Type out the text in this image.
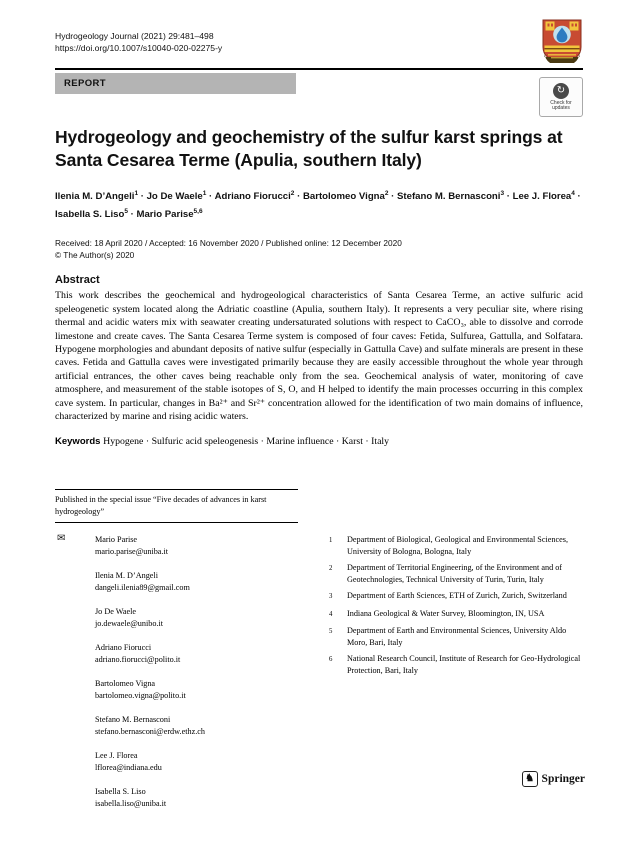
Hydrogeology Journal (2021) 29:481–498
https://doi.org/10.1007/s10040-020-02275-y
REPORT
↻
Check for
updates
Hydrogeology and geochemistry of the sulfur karst springs at Santa Cesarea Terme (Apulia, southern Italy)
Ilenia M. D’Angeli$^1$ · Jo De Waele$^1$ · Adriano Fiorucci$^2$ · Bartolomeo Vigna$^2$ · Stefano M. Bernasconi$^3$ · Lee J. Florea$^4$ · Isabella S. Liso$^5$ · Mario Parise$^{5,6}$
Received: 18 April 2020 / Accepted: 16 November 2020 / Published online: 12 December 2020
© The Author(s) 2020
Abstract
This work describes the geochemical and hydrogeological characteristics of Santa Cesarea Terme, an active sulfuric acid speleogenetic system located along the Adriatic coastline (Apulia, southern Italy). It represents a very peculiar site, where rising thermal and acidic waters mix with seawater creating undersaturated solutions with respect to CaCO₃, able to dissolve and corrode limestone and create caves. The Santa Cesarea Terme system is composed of four caves: Fetida, Sulfurea, Gattulla, and Solfatara. Hypogene morphologies and abundant deposits of native sulfur (especially in Gattulla Cave) and sulfate minerals are present in these caves. Fetida and Gattulla caves were investigated primarily because they are easily accessible throughout the whole year through artificial entrances, the other caves being reachable only from the sea. Geochemical analysis of water, monitoring of cave atmosphere, and measurement of the stable isotopes of S, O, and H helped to identify the main processes occurring in this complex cave system. In particular, changes in Ba²⁺ and Sr²⁺ concentration allowed for the identification of two main domains of influence, characterized by marine and rising acidic waters.
Keywords Hypogene · Sulfuric acid speleogenesis · Marine influence · Karst · Italy
Published in the special issue “Five decades of advances in karst hydrogeology”
✉	Mario Parise
mario.parise@uniba.it
Ilenia M. D’Angeli
dangeli.ilenia89@gmail.com
Jo De Waele
jo.dewaele@unibo.it
Adriano Fiorucci
adriano.fiorucci@polito.it
Bartolomeo Vigna
bartolomeo.vigna@polito.it
Stefano M. Bernasconi
stefano.bernasconi@erdw.ethz.ch
Lee J. Florea
lflorea@indiana.edu
Isabella S. Liso
isabella.liso@uniba.it
1	Department of Biological, Geological and Environmental Sciences, University of Bologna, Bologna, Italy
2	Department of Territorial Engineering, of the Environment and of Geotechnologies, Technical University of Turin, Turin, Italy
3	Department of Earth Sciences, ETH of Zurich, Zurich, Switzerland
4	Indiana Geological & Water Survey, Bloomington, IN, USA
5	Department of Earth and Environmental Sciences, University Aldo Moro, Bari, Italy
6	National Research Council, Institute of Research for Geo-Hydrological Protection, Bari, Italy
♞ Springer
